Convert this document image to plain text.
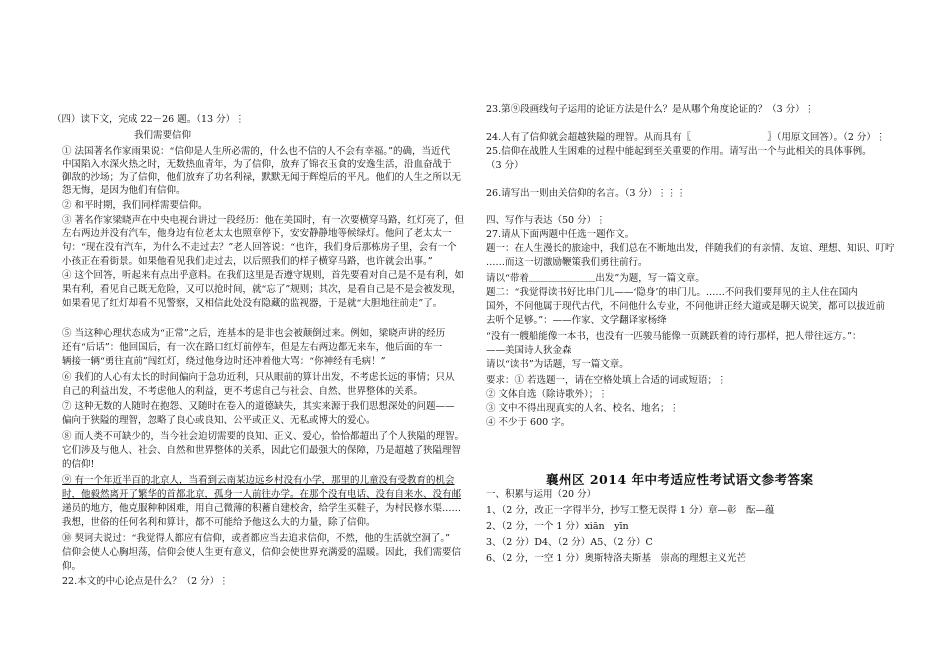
（四）读下文，完成 22－26 题。（13 分）⋮
我们需要信仰
① 法国著名作家雨果说：“信仰是人生所必需的，什么也不信的人不会有幸福。”的确，当近代
中国陷入水深火热之时，无数热血青年，为了信仰，放弃了锦衣玉食的安逸生活，沿血奋战于
御敌的沙场；为了信仰，他们放弃了功名利禄，默默无闻于辉煌后的平凡。他们的人生之所以无
怨无悔，是因为他们有信仰。
② 和平时期，我们同样需要信仰。
③ 著名作家梁晓声在中央电视台讲过一段经历：他在美国时，有一次要横穿马路，红灯亮了，但
左右两边并没有汽车，他身边有位老太太也照章停下，安安静静地等候绿灯。他问了老太太一
句：“现在没有汽车，为什么不走过去？”老人回答说：“也许，我们身后那栋房子里，会有一个
小孩正在看街景。如果他看见我们走过去，以后照我们的样子横穿马路，也许就会出事。”
④ 这个回答，听起来有点出乎意料。在我们这里是否遵守规则，首先要看对自己是不是有利，如
果有利，看见自己既无危险，又可以抢时间，就“忘了”规则；其次，是看自己是不是会被发现，
如果看见了红灯却看不见警察，又相信此处没有隐藏的监视器，于是就“大胆地往前走”了。
⑤ 当这种心理状态成为“正常”之后，连基本的是非也会被颠倒过来。例如，梁晓声讲的经历
还有“后话”：他回国后，有一次在路口红灯前停车，但是左右两边都无来车，他后面的车一
辆接一辆“勇往直前”闯红灯，绕过他身边时还冲着他大骂：“你神经有毛病！”
⑥ 我们的人心有太长的时间偏向于急功近利，只从眼前的算计出发，不考虑长远的事情；只从
自己的利益出发，不考虑他人的利益，更不考虑自己与社会、自然、世界整体的关系。
⑦ 这种无数的人随时在抱怨、又随时在卷入的道德缺失，其实来源于我们思想深处的问题——
偏向于狭隘的理智，忽略了良心或良知、公平或正义、无私或博大的爱心。
⑧ 而人类不可缺少的，当今社会迫切需要的良知、正义、爱心，恰恰都超出了个人狭隘的理智。
它们涉及与他人、社会、自然和世界整体的关系，因此它们最强大的保障，乃是超越了狭隘理智
的信仰!
⑨ 有一个年近半百的北京人，当看到云南某边远乡村没有小学，那里的儿童没有受教育的机会
时，他毅然离开了繁华的首都北京，孤身一人前往办学。在那个没有电话、没有自来水、没有邮
递员的地方，他克服种种困难，用自己微薄的积蓄自建校舍，给学生买鞋子，为村民修水渠……
我想，世俗的任何名利和算计，都不可能给予他这么大的力量，除了信仰。
⑩ 契诃夫说过：“我觉得人都应有信仰，或者都应当去追求信仰，不然，他的生活就空洞了。”
信仰会使人心胸坦荡，信仰会使人生更有意义，信仰会使世界充满爱的温暖。因此，我们需要信
仰。
22.本文的中心论点是什么？（2 分）⋮
23.第⑨段画线句子运用的论证方法是什么？是从哪个角度论证的？（3 分）⋮
24.人有了信仰就会超越狭隘的理智。从而具有〖　　　　　　　　〗（用原文回答）。（2 分）⋮
25.信仰在战胜人生困难的过程中能起到至关重要的作用。请写出一个与此相关的具体事例。
（3 分）
26.请写出一则由关信仰的名言。（3 分）⋮⋮⋮
四、写作与表达（50 分）⋮
27.请从下面两题中任选一题作文。
题一：在人生漫长的旅途中，我们总在不断地出发，伴随我们的有亲情、友谊、理想、知识、叮咛
……而这一切激励鞭策我们勇往前行。
请以“带着＿＿＿＿＿＿＿出发”为题，写一篇文章。
题二：“我觉得读书好比串门儿——‘隐身’的串门儿。……不问我们要拜见的主人住在国内
国外，不问他属于现代古代，不问他什么专业，不问他讲正经大道或是聊天说笑，都可以拔近前
去听个足够。”：——作家、文学翻译家杨绛
“没有一艘船能像一本书，也没有一匹骏马能像一页跳跃着的诗行那样，把人带往远方。”：
——美国诗人狄金森
请以“读书”为话题，写一篇文章。
要求：① 若选题一，请在空格处填上合适的词或短语；⋮
② 文体自选（除诗歌外）；⋮
③ 文中不得出现真实的人名、校名、地名；⋮
④ 不少于 600 字。
襄州区 2014 年中考适应性考试语文参考答案
一、积累与运用（20 分）
1、（2 分，改正一字得半分，抄写工整无误得 1 分）章—彰　酝—蕴
2、（2 分，一个 1 分）xiān　yīn
3、（2 分）D4、（2 分）A5、（2 分）C
6、（2 分，一空 1 分）奥斯特洛夫斯基　崇高的理想主义光芒
